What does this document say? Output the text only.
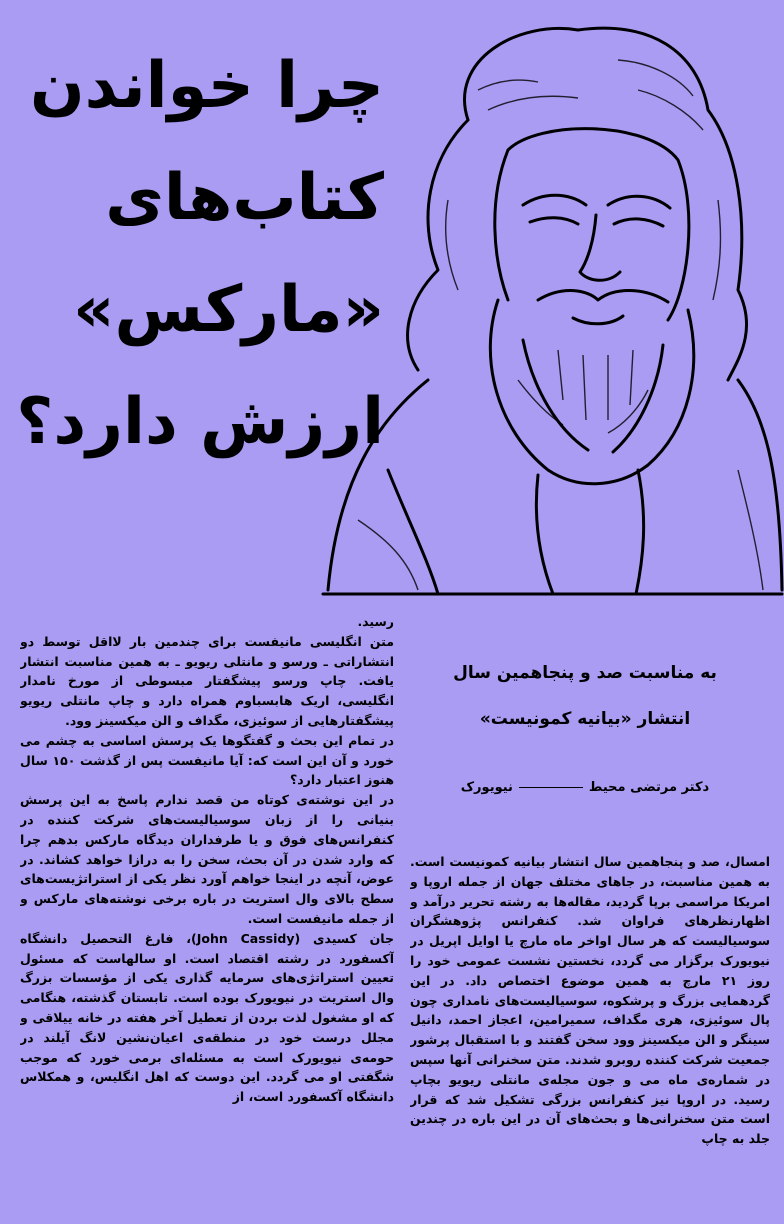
چرا خواندن
کتاب‌های
«مارکس»
ارزش دارد؟

رسید.

متن انگلیسی مانیفست برای چندمین بار لااقل توسط دو انتشاراتی ـ ورسو و مانتلی ریویو ـ به همین مناسبت انتشار یافت. چاپ ورسو پیشگفتار مبسوطی از مورخ نامدار انگلیسی، اریک هابسباوم همراه دارد و چاپ مانتلی ریویو پیشگفتارهایی از سوئیزی، مگداف و الن میکسینز وود.

در تمام این بحث و گفتگوها یک پرسش اساسی به چشم می خورد و آن این است که: آیا مانیفست پس از گذشت ۱۵۰ سال هنوز اعتبار دارد؟

در این نوشته‌ی کوتاه من قصد ندارم پاسخ به این پرسش بنیانی را از زبان سوسیالیست‌های شرکت کننده در کنفرانس‌های فوق و یا طرفداران دیدگاه مارکس بدهم چرا که وارد شدن در آن بحث، سخن را به درازا خواهد کشاند. در عوض، آنچه در اینجا خواهم آورد نظر یکی از استراتژیست‌های سطح بالای وال استریت در باره برخی نوشته‌های مارکس و از جمله مانیفست است.

جان کسیدی (John Cassidy)، فارغ التحصیل دانشگاه آکسفورد در رشته اقتصاد است. او سالهاست که مسئول تعیین استراتژی‌های سرمایه گذاری یکی از مؤسسات بزرگ وال استریت در نیویورک بوده است. تابستان گذشته، هنگامی که او مشغول لذت بردن از تعطیل آخر هفته در خانه ییلاقی و مجلل درست خود در منطقه‌ی اعیان‌نشین لانگ آیلند در حومه‌ی نیویورک است به مسئله‌ای برمی خورد که موجب شگفتی او می گردد. این دوست که اهل انگلیس، و همکلاس دانشگاه آکسفورد است، از

به مناسبت صد و پنجاهمین سال
انتشار «بیانیه کمونیست»
دکتر مرتضی محیطنیویورک

امسال، صد و پنجاهمین سال انتشار بیانیه کمونیست است. به همین مناسبت، در جاهای مختلف جهان از جمله اروپا و امریکا مراسمی برپا گردید، مقاله‌ها به رشته تحریر درآمد و اظهارنظرهای فراوان شد. کنفرانس پژوهشگران سوسیالیست که هر سال اواخر ماه مارچ یا اوایل اپریل در نیویورک برگزار می گردد، نخستین نشست عمومی خود را روز ۲۱ مارچ به همین موضوع اختصاص داد. در این گردهمایی بزرگ و پرشکوه، سوسیالیست‌های نامداری چون پال سوئیزی، هری مگداف، سمیرامین، اعجاز احمد، دانیل سینگر و الن میکسینز وود سخن گفتند و با استقبال پرشور جمعیت شرکت کننده روبرو شدند. متن سخنرانی آنها سپس در شماره‌ی ماه می و جون مجله‌ی مانتلی ریویو بچاپ رسید. در اروپا نیز کنفرانس بزرگی تشکیل شد که قرار است متن سخنرانی‌ها و بحث‌های آن در این باره در چندین جلد به چاپ
